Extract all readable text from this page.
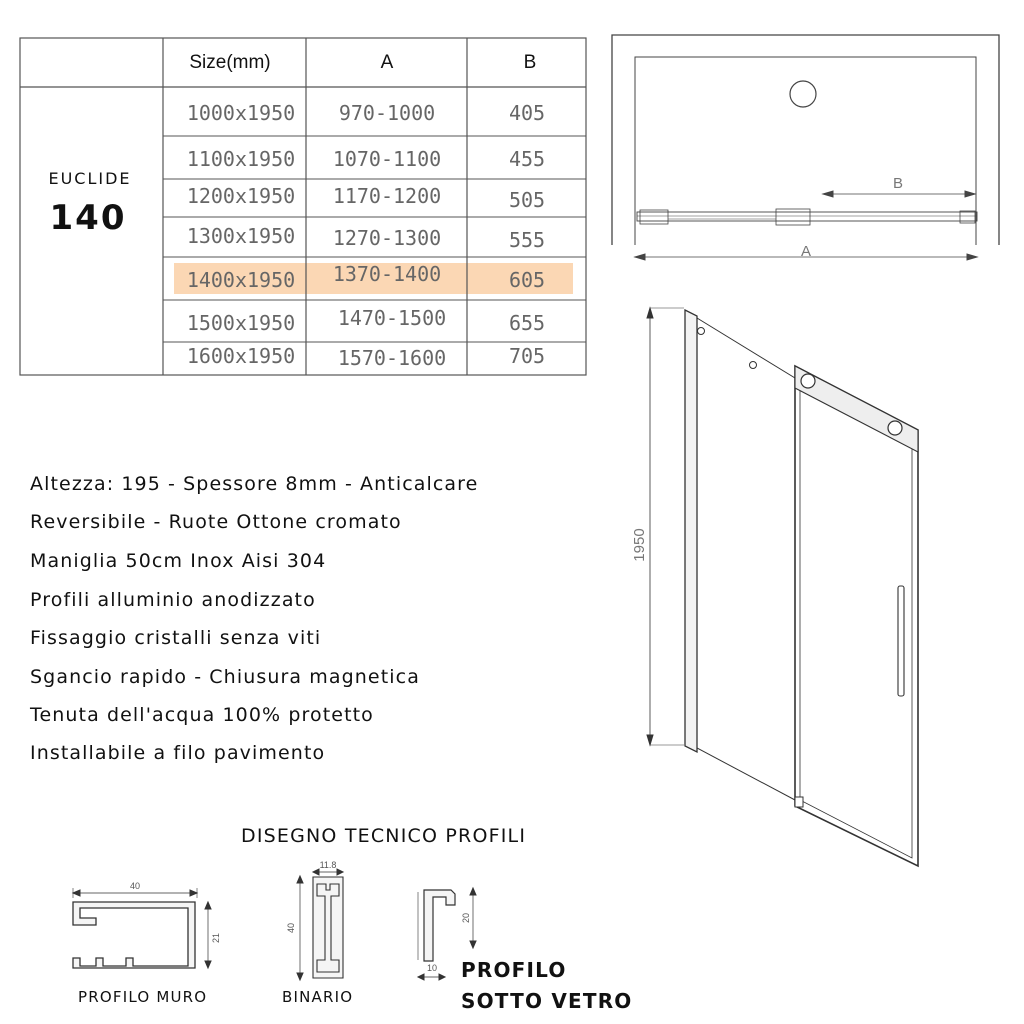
Size(mm)	A	B
EUCLIDE
140
1000x1950 970-1000	405
1100x1950 1070-1100	455
1200x1950 1170-1200	505
1300x1950 1270-1300	555
1400x1950 1370-1400	605
1500x1950 1470-1500	655
1600x1950 1570-1600	705
B
A
1950
40
21
11.8
40
10
20

Altezza: 195 - Spessore 8mm - Anticalcare

Reversibile - Ruote Ottone cromato

Maniglia 50cm Inox Aisi 304

Profili alluminio anodizzato

Fissaggio cristalli senza viti

Sgancio rapido - Chiusura magnetica

Tenuta dell'acqua 100% protetto

Installabile a filo pavimento

DISEGNO TECNICO PROFILI

PROFILO MURO	BINARIO

PROFILO

SOTTO VETRO
